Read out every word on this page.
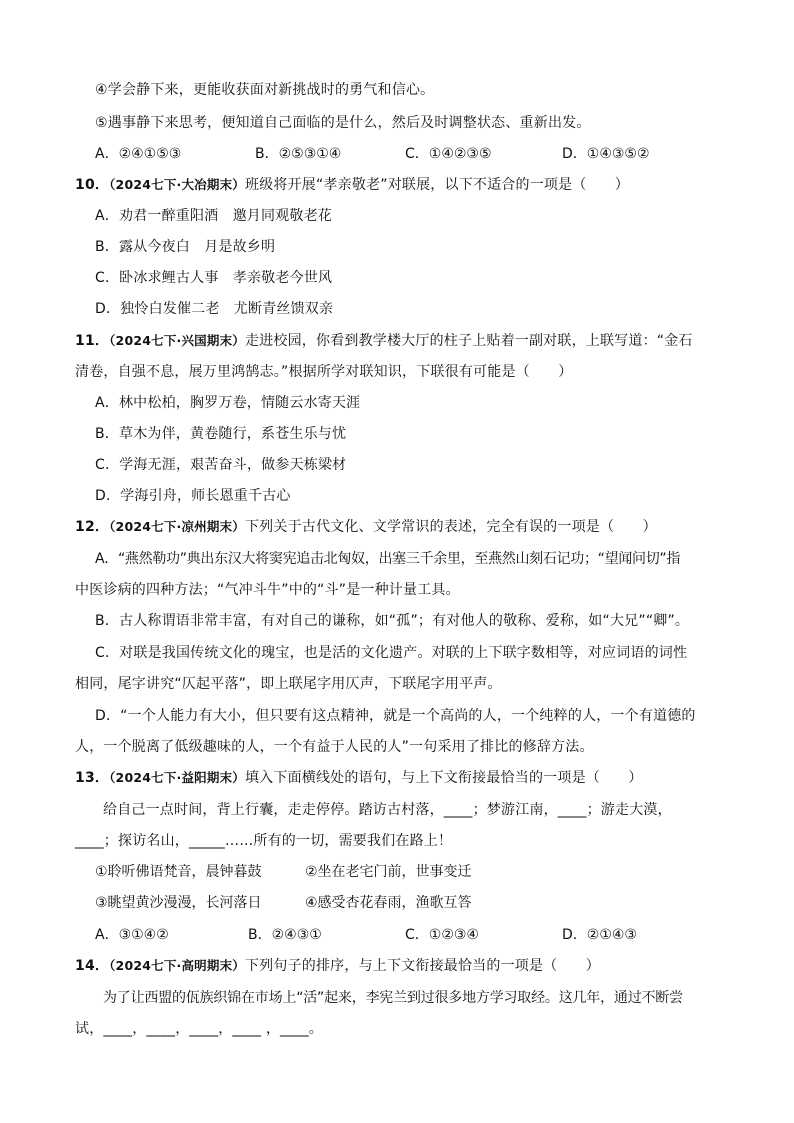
④学会静下来，更能收获面对新挑战时的勇气和信心。
⑤遇事静下来思考，便知道自己面临的是什么，然后及时调整状态、重新出发。

A．②④①⑤③

	B．②⑤③①④

	C．①④②③⑤

	D．①④③⑤②

10．（2024七下·大冶期末）班级将开展“孝亲敬老”对联展，以下不适合的一项是（　　）
A．劝君一醉重阳酒　邀月同观敬老花
B．露从今夜白　月是故乡明
C．卧冰求鲤古人事　孝亲敬老今世风
D．独怜白发催二老　尤断青丝馈双亲
11．（2024七下·兴国期末）走进校园，你看到教学楼大厅的柱子上贴着一副对联，上联写道：“金石
清卷，自强不息，展万里鸿鹄志。”根据所学对联知识，下联很有可能是（　　）
A．林中松柏，胸罗万卷，情随云水寄天涯
B．草木为伴，黄卷随行，系苍生乐与忧
C．学海无涯，艰苦奋斗，做参天栋梁材
D．学海引舟，师长恩重千古心
12．（2024七下·凉州期末）下列关于古代文化、文学常识的表述，完全有误的一项是（　　）
A．“燕然勒功”典出东汉大将窦宪追击北匈奴，出塞三千余里，至燕然山刻石记功；“望闻问切”指
中医诊病的四种方法；“气冲斗牛”中的“斗”是一种计量工具。
B．古人称谓语非常丰富，有对自己的谦称，如“孤”；有对他人的敬称、爱称，如“大兄”“卿”。
C．对联是我国传统文化的瑰宝，也是活的文化遗产。对联的上下联字数相等，对应词语的词性
相同，尾字讲究“仄起平落”，即上联尾字用仄声，下联尾字用平声。
D．“一个人能力有大小，但只要有这点精神，就是一个高尚的人，一个纯粹的人，一个有道德的
人，一个脱离了低级趣味的人，一个有益于人民的人”一句采用了排比的修辞方法。
13．（2024七下·益阳期末）填入下面横线处的语句，与上下文衔接最恰当的一项是（　　）
给自己一点时间，背上行囊，走走停停。踏访古村落，____；梦游江南，____；游走大漠，
____；探访名山，_____……所有的一切，需要我们在路上！

①聆听佛语梵音，晨钟暮鼓

	②坐在老宅门前，世事变迁

③眺望黄沙漫漫，长河落日

	④感受杏花春雨，渔歌互答

A．③①④②

	B．②④③①

	C．①②③④

	D．②①④③

14．（2024七下·高明期末）下列句子的排序，与上下文衔接最恰当的一项是（　　）
为了让西盟的佤族织锦在市场上“活”起来，李宪兰到过很多地方学习取经。这几年，通过不断尝
试，____，____，____，____ ，____。
